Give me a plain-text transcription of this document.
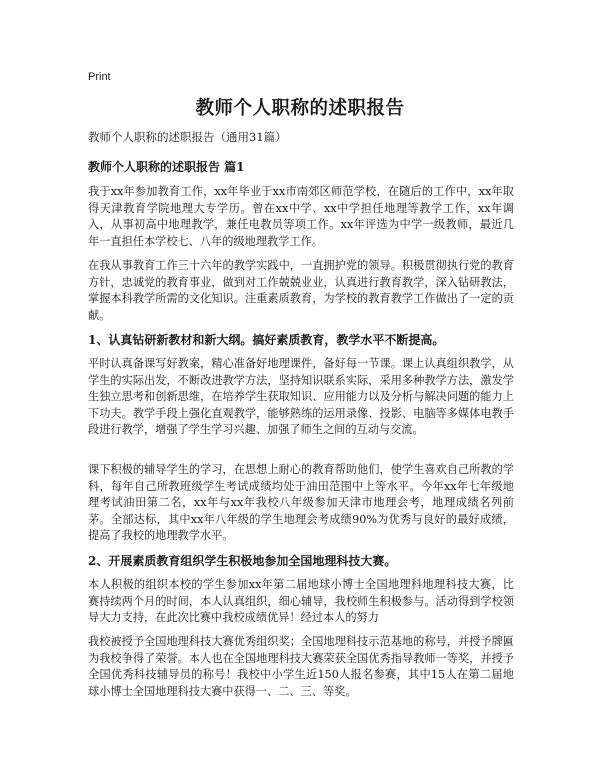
Print
教师个人职称的述职报告
教师个人职称的述职报告（通用31篇）
教师个人职称的述职报告 篇1
我于xx年参加教育工作，xx年毕业于xx市南郊区师范学校，在随后的工作中，xx年取得天津教育学院地理大专学历。曾在xx中学、xx中学担任地理等教学工作，xx年调入，从事初高中地理教学，兼任电教员等项工作。xx年评选为中学一级教师，最近几年一直担任本学校七、八年的级地理教学工作。
在我从事教育工作三十六年的教学实践中，一直拥护党的领导。积极贯彻执行党的教育方针，忠诚党的教育事业，做到对工作兢兢业业，认真进行教育教学，深入钻研教法，掌握本科教学所需的文化知识。注重素质教育，为学校的教育教学工作做出了一定的贡献。
1、认真钻研新教材和新大纲。搞好素质教育，教学水平不断提高。
平时认真备课写好教案，精心准备好地理课件，备好每一节课。课上认真组织教学，从学生的实际出发，不断改进教学方法，坚持知识联系实际，采用多种教学方法，激发学生独立思考和创新思维，在培养学生获取知识、应用能力以及分析与解决问题的能力上下功夫。教学手段上强化直观教学，能够熟练的运用录像、投影、电脑等多媒体电教手段进行教学，增强了学生学习兴趣、加强了师生之间的互动与交流。
课下积极的辅导学生的学习，在思想上耐心的教育帮助他们，使学生喜欢自己所教的学科，每年自己所教班级学生考试成绩均处于油田范围中上等水平。今年xx年七年级地理考试油田第二名，xx年与xx年我校八年级参加天津市地理会考，地理成绩名列前茅。全部达标，其中xx年八年级的学生地理会考成绩90%为优秀与良好的最好成绩，提高了我校的地理教学水平。
2、开展素质教育组织学生积极地参加全国地理科技大赛。
本人积极的组织本校的学生参加xx年第二届地球小博士全国地理科地理科技大赛，比赛持续两个月的时间，本人认真组织，细心辅导，我校师生积极参与。活动得到学校领导大力支持，在此次比赛中我校成绩优异！经过本人的努力
我校被授予全国地理科技大赛优秀组织奖；全国地理科技示范基地的称号，并授予牌匾为我校争得了荣誉。本人也在全国地理科技大赛荣获全国优秀指导教师一等奖，并授予全国优秀科技辅导员的称号！我校中小学生近150人报名参赛，其中15人在第二届地球小博士全国地理科技大赛中获得一、二、三、等奖。
